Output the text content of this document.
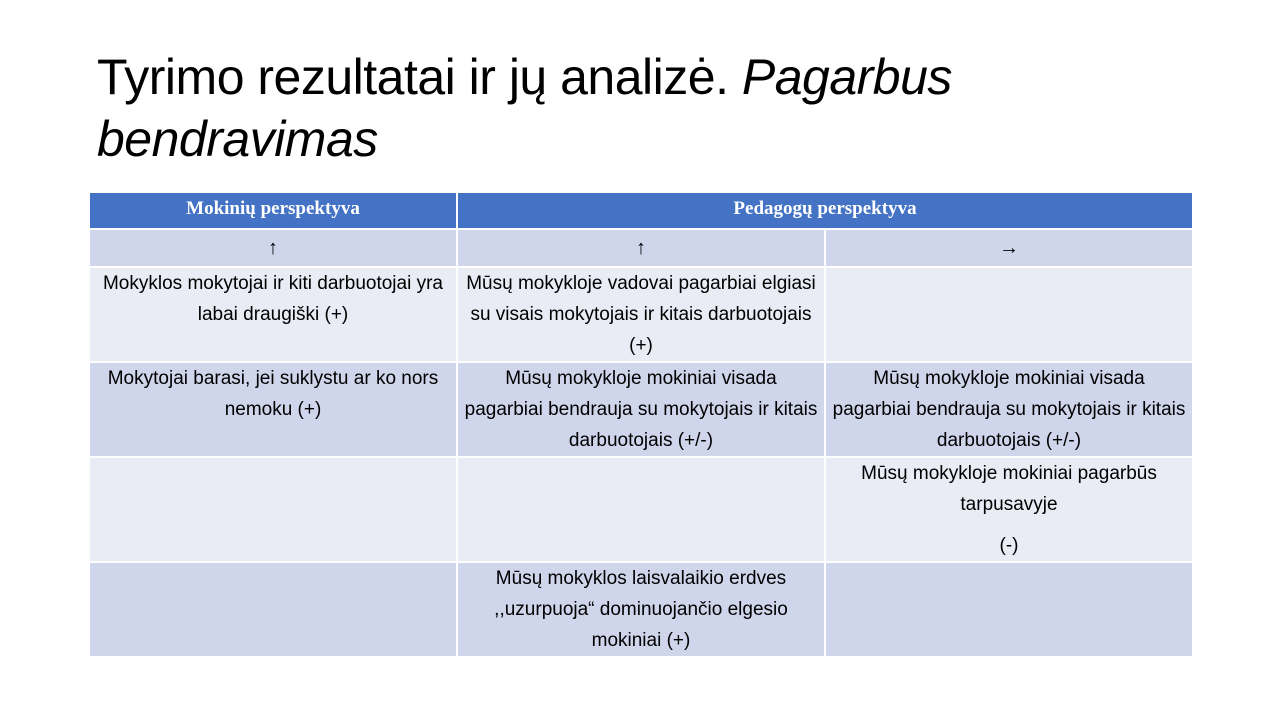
Tyrimo rezultatai ir jų analizė. Pagarbus bendravimas
Mokinių perspektyva	Pedagogų perspektyva	
↑	↑	→
Mokyklos mokytojai ir kiti darbuotojai yra labai draugiški (+)	Mūsų mokykloje vadovai pagarbiai elgiasi su visais mokytojais ir kitais darbuotojais (+)	
Mokytojai barasi, jei suklystu ar ko nors nemoku (+)	Mūsų mokykloje mokiniai visada pagarbiai bendrauja su mokytojais ir kitais darbuotojais (+/-)	Mūsų mokykloje mokiniai visada pagarbiai bendrauja su mokytojais ir kitais darbuotojais (+/-)

		Mūsų mokykloje mokiniai pagarbūs tarpusavyje
(-)

	Mūsų mokyklos laisvalaikio erdves ,,uzurpuoja“ dominuojančio elgesio mokiniai (+)	
